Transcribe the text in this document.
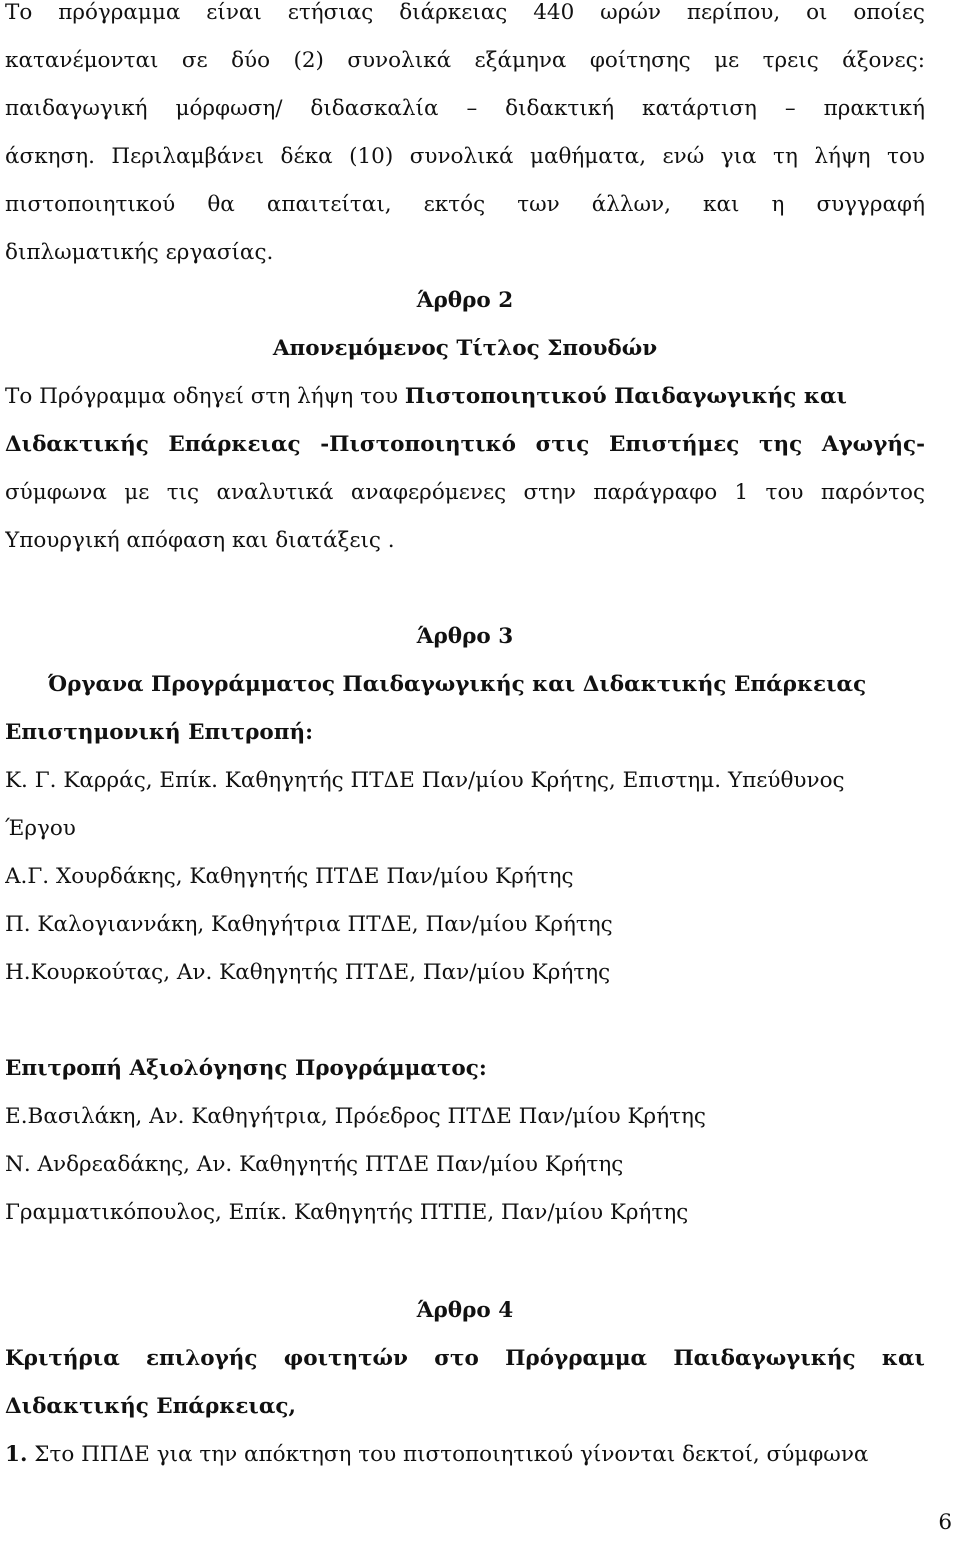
Το πρόγραμμα είναι ετήσιας διάρκειας 440 ωρών περίπου, οι οποίες
κατανέμονται σε δύο (2) συνολικά εξάμηνα φοίτησης με τρεις άξονες:
παιδαγωγική μόρφωση/ διδασκαλία – διδακτική κατάρτιση – πρακτική
άσκηση. Περιλαμβάνει δέκα (10) συνολικά μαθήματα, ενώ για τη λήψη του
πιστοποιητικού θα απαιτείται, εκτός των άλλων, και η συγγραφή
διπλωματικής εργασίας.
Άρθρο 2
Απονεμόμενος Τίτλος Σπουδών
Το Πρόγραμμα οδηγεί στη λήψη του Πιστοποιητικού Παιδαγωγικής και
Διδακτικής Επάρκειας -Πιστοποιητικό στις Επιστήμες της Αγωγής-
σύμφωνα με τις αναλυτικά αναφερόμενες στην παράγραφο 1 του παρόντος
Υπουργική απόφαση και διατάξεις .
Άρθρο 3
Όργανα Προγράμματος Παιδαγωγικής και Διδακτικής Επάρκειας
Επιστημονική Επιτροπή:
Κ. Γ. Καρράς, Επίκ. Καθηγητής ΠΤΔΕ Παν/μίου Κρήτης, Επιστημ. Υπεύθυνος
Έργου
Α.Γ. Χουρδάκης, Καθηγητής ΠΤΔΕ Παν/μίου Κρήτης
Π. Καλογιαννάκη, Καθηγήτρια ΠΤΔΕ, Παν/μίου Κρήτης
Η.Κουρκούτας, Αν. Καθηγητής ΠΤΔΕ, Παν/μίου Κρήτης
Επιτροπή Αξιολόγησης Προγράμματος:
Ε.Βασιλάκη, Αν. Καθηγήτρια, Πρόεδρος ΠΤΔΕ Παν/μίου Κρήτης
Ν. Ανδρεαδάκης, Αν. Καθηγητής ΠΤΔΕ Παν/μίου Κρήτης
Γραμματικόπουλος, Επίκ. Καθηγητής ΠΤΠΕ, Παν/μίου Κρήτης
Άρθρο 4
Κριτήρια επιλογής φοιτητών στο Πρόγραμμα Παιδαγωγικής και
Διδακτικής Επάρκειας,
1. Στο ΠΠΔΕ για την απόκτηση του πιστοποιητικού γίνονται δεκτοί, σύμφωνα
6
